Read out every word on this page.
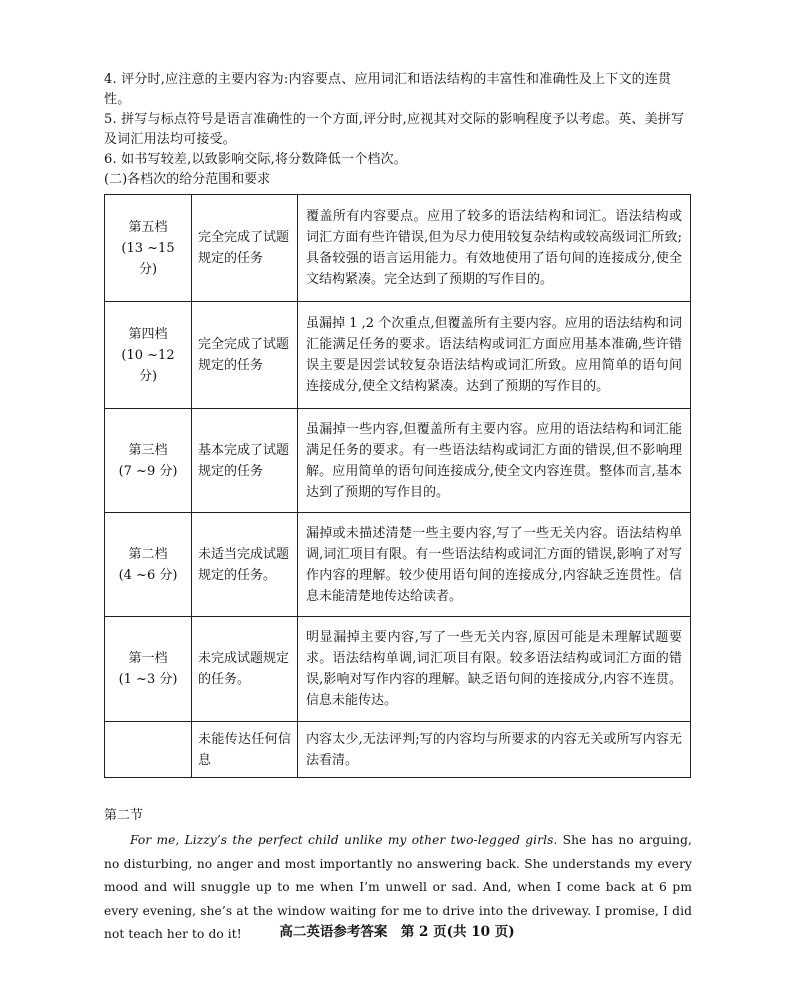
4. 评分时,应注意的主要内容为:内容要点、应用词汇和语法结构的丰富性和准确性及上下文的连贯性。

5. 拼写与标点符号是语言准确性的一个方面,评分时,应视其对交际的影响程度予以考虑。英、美拼写及词汇用法均可接受。

6. 如书写较差,以致影响交际,将分数降低一个档次。

(二)各档次的给分范围和要求

第五档
(13 ~15 分)	完全完成了试题规定的任务	覆盖所有内容要点。应用了较多的语法结构和词汇。语法结构或词汇方面有些许错误,但为尽力使用较复杂结构或较高级词汇所致;具备较强的语言运用能力。有效地使用了语句间的连接成分,使全文结构紧凑。完全达到了预期的写作目的。

第四档
(10 ~12 分)	完全完成了试题规定的任务	虽漏掉 1 ,2 个次重点,但覆盖所有主要内容。应用的语法结构和词汇能满足任务的要求。语法结构或词汇方面应用基本准确,些许错误主要是因尝试较复杂语法结构或词汇所致。应用简单的语句间连接成分,使全文结构紧凑。达到了预期的写作目的。

第三档
(7 ~9 分)	基本完成了试题规定的任务	虽漏掉一些内容,但覆盖所有主要内容。应用的语法结构和词汇能满足任务的要求。有一些语法结构或词汇方面的错误,但不影响理解。应用简单的语句间连接成分,使全文内容连贯。整体而言,基本达到了预期的写作目的。

第二档
(4 ~6 分)	未适当完成试题规定的任务。	漏掉或未描述清楚一些主要内容,写了一些无关内容。语法结构单调,词汇项目有限。有一些语法结构或词汇方面的错误,影响了对写作内容的理解。较少使用语句间的连接成分,内容缺乏连贯性。信息未能清楚地传达给读者。

第一档
(1 ~3 分)	未完成试题规定的任务。	明显漏掉主要内容,写了一些无关内容,原因可能是未理解试题要求。语法结构单调,词汇项目有限。较多语法结构或词汇方面的错误,影响对写作内容的理解。缺乏语句间的连接成分,内容不连贯。信息未能传达。

	未能传达任何信息	内容太少,无法评判;写的内容均与所要求的内容无关或所写内容无法看清。
第二节

For me, Lizzy’s the perfect child unlike my other two-legged girls. She has no arguing, no disturbing, no anger and most importantly no answering back. She understands my every mood and will snuggle up to me when I’m unwell or sad. And, when I come back at 6 pm every evening, she’s at the window waiting for me to drive into the driveway. I promise, I did not teach her to do it!	高二英语参考答案　第 2 页(共 10 页)
